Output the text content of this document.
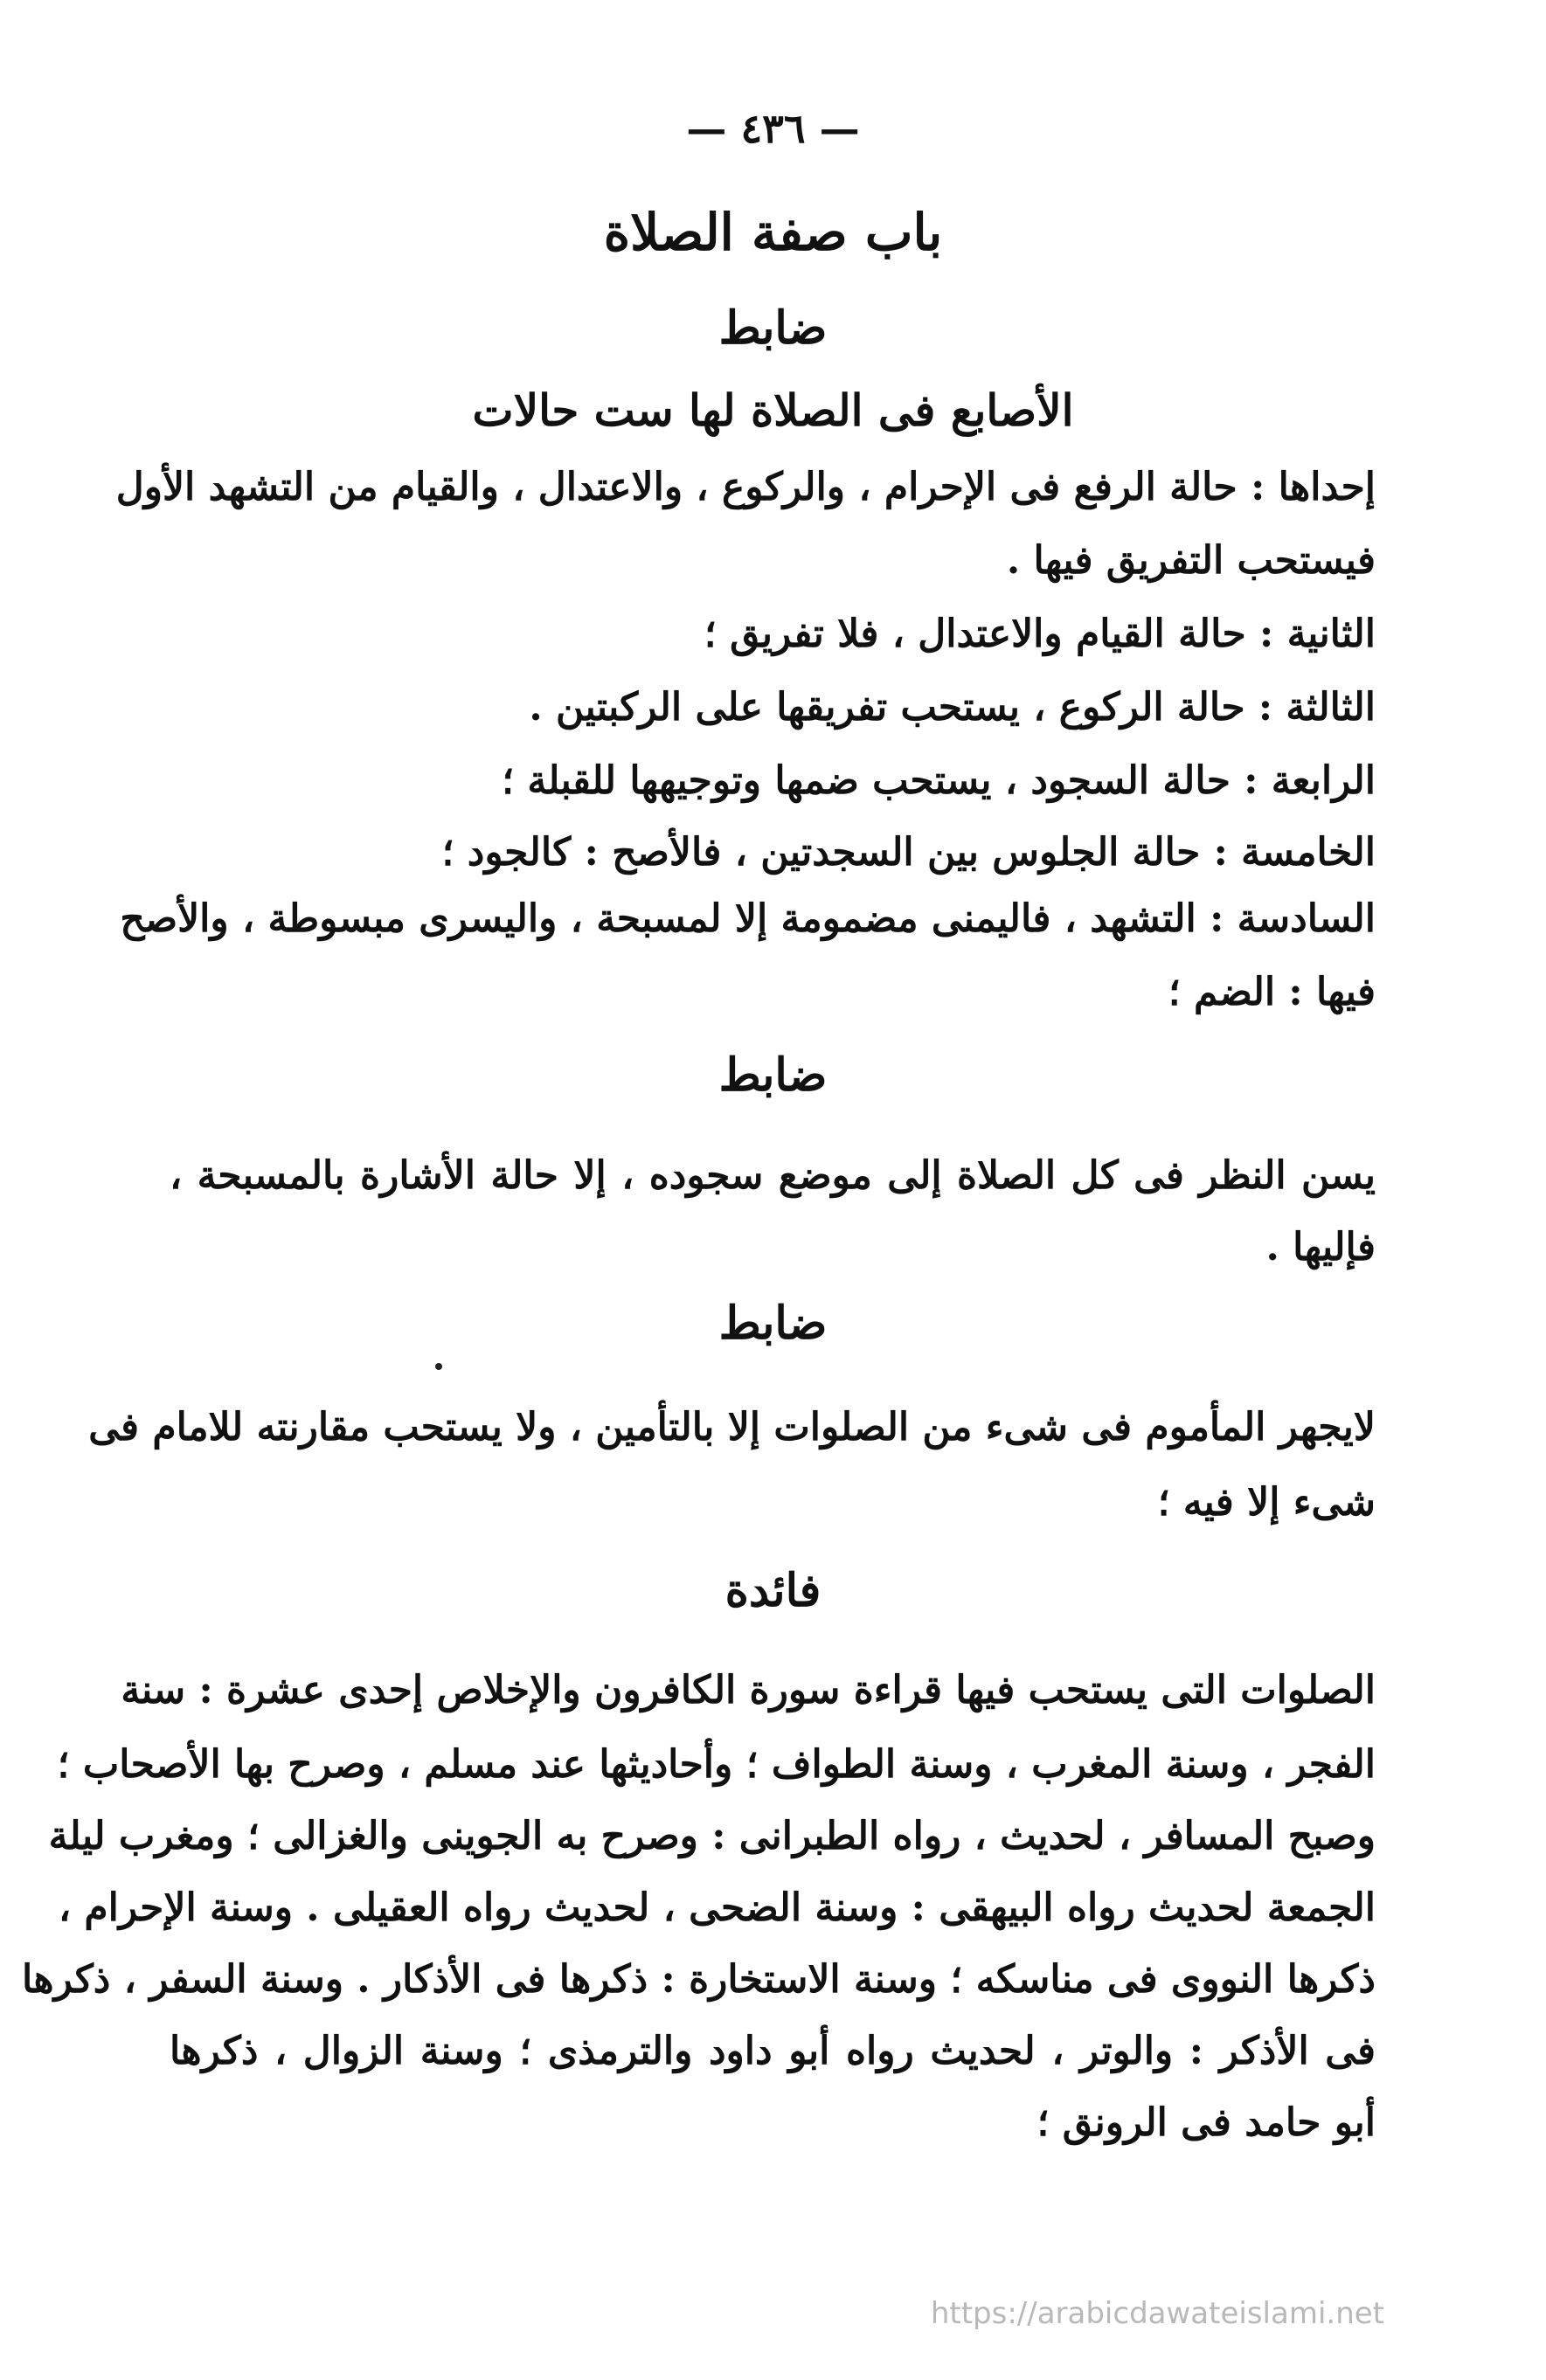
— ٤٣٦ —
باب صفة الصلاة
ضابط
الأصابع فى الصلاة لها ست حالات
إحداها : حالة الرفع فى الإحرام ، والركوع ، والاعتدال ، والقيام من التشهد الأول
فيستحب التفريق فيها .
الثانية : حالة القيام والاعتدال ، فلا تفريق ؛
الثالثة : حالة الركوع ، يستحب تفريقها على الركبتين .
الرابعة : حالة السجود ، يستحب ضمها وتوجيهها للقبلة ؛
الخامسة : حالة الجلوس بين السجدتين ، فالأصح : كالجود ؛
السادسة : التشهد ، فاليمنى مضمومة إلا لمسبحة ، واليسرى مبسوطة ، والأصح
فيها : الضم ؛
ضابط
يسن النظر فى كل الصلاة إلى موضع سجوده ، إلا حالة الأشارة بالمسبحة ،
فإليها .
ضابط
لايجهر المأموم فى شىء من الصلوات إلا بالتأمين ، ولا يستحب مقارنته للامام فى
شىء إلا فيه ؛
فائدة
الصلوات التى يستحب فيها قراءة سورة الكافرون والإخلاص إحدى عشرة : سنة
الفجر ، وسنة المغرب ، وسنة الطواف ؛ وأحاديثها عند مسلم ، وصرح بها الأصحاب ؛
وصبح المسافر ، لحديث ، رواه الطبرانى : وصرح به الجوينى والغزالى ؛ ومغرب ليلة
الجمعة لحديث رواه البيهقى : وسنة الضحى ، لحديث رواه العقيلى . وسنة الإحرام ،
ذكرها النووى فى مناسكه ؛ وسنة الاستخارة : ذكرها فى الأذكار . وسنة السفر ، ذكرها
فى الأذكر : والوتر ، لحديث رواه أبو داود والترمذى ؛ وسنة الزوال ، ذكرها
أبو حامد فى الرونق ؛
https://arabicdawateislami.net
